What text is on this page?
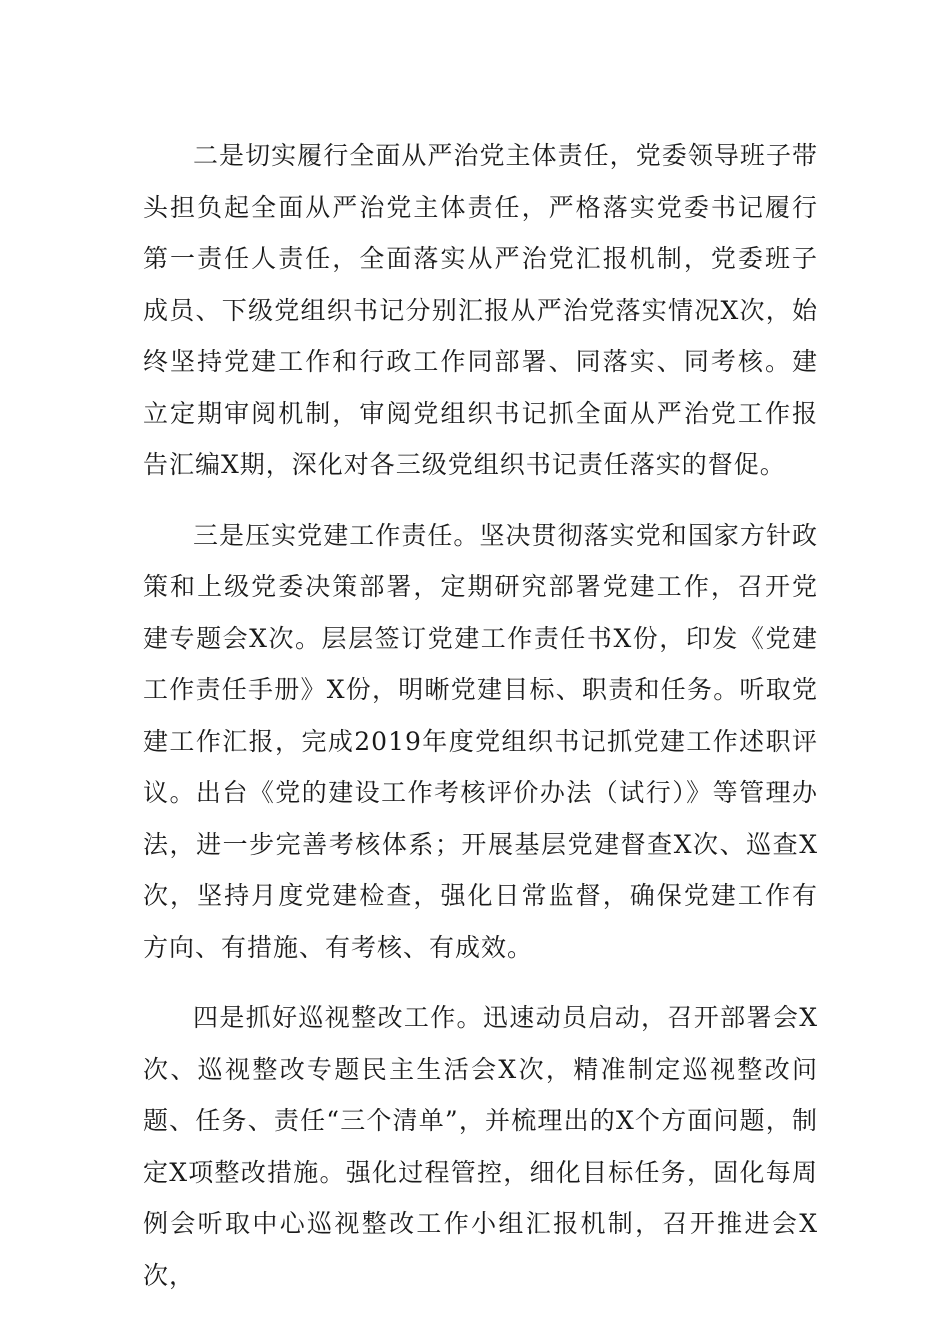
二是切实履行全面从严治党主体责任，党委领导班子带头担负起全面从严治党主体责任，严格落实党委书记履行第一责任人责任，全面落实从严治党汇报机制，党委班子成员、下级党组织书记分别汇报从严治党落实情况X次，始终坚持党建工作和行政工作同部署、同落实、同考核。建立定期审阅机制，审阅党组织书记抓全面从严治党工作报告汇编X期，深化对各三级党组织书记责任落实的督促。

三是压实党建工作责任。坚决贯彻落实党和国家方针政策和上级党委决策部署，定期研究部署党建工作，召开党建专题会X次。层层签订党建工作责任书X份，印发《党建工作责任手册》X份，明晰党建目标、职责和任务。听取党建工作汇报，完成2019年度党组织书记抓党建工作述职评议。出台《党的建设工作考核评价办法（试行）》等管理办法，进一步完善考核体系；开展基层党建督查X次、巡查X次，坚持月度党建检查，强化日常监督，确保党建工作有方向、有措施、有考核、有成效。

四是抓好巡视整改工作。迅速动员启动，召开部署会X次、巡视整改专题民主生活会X次，精准制定巡视整改问题、任务、责任“三个清单”，并梳理出的X个方面问题，制定X项整改措施。强化过程管控，细化目标任务，固化每周例会听取中心巡视整改工作小组汇报机制，召开推进会X次，
